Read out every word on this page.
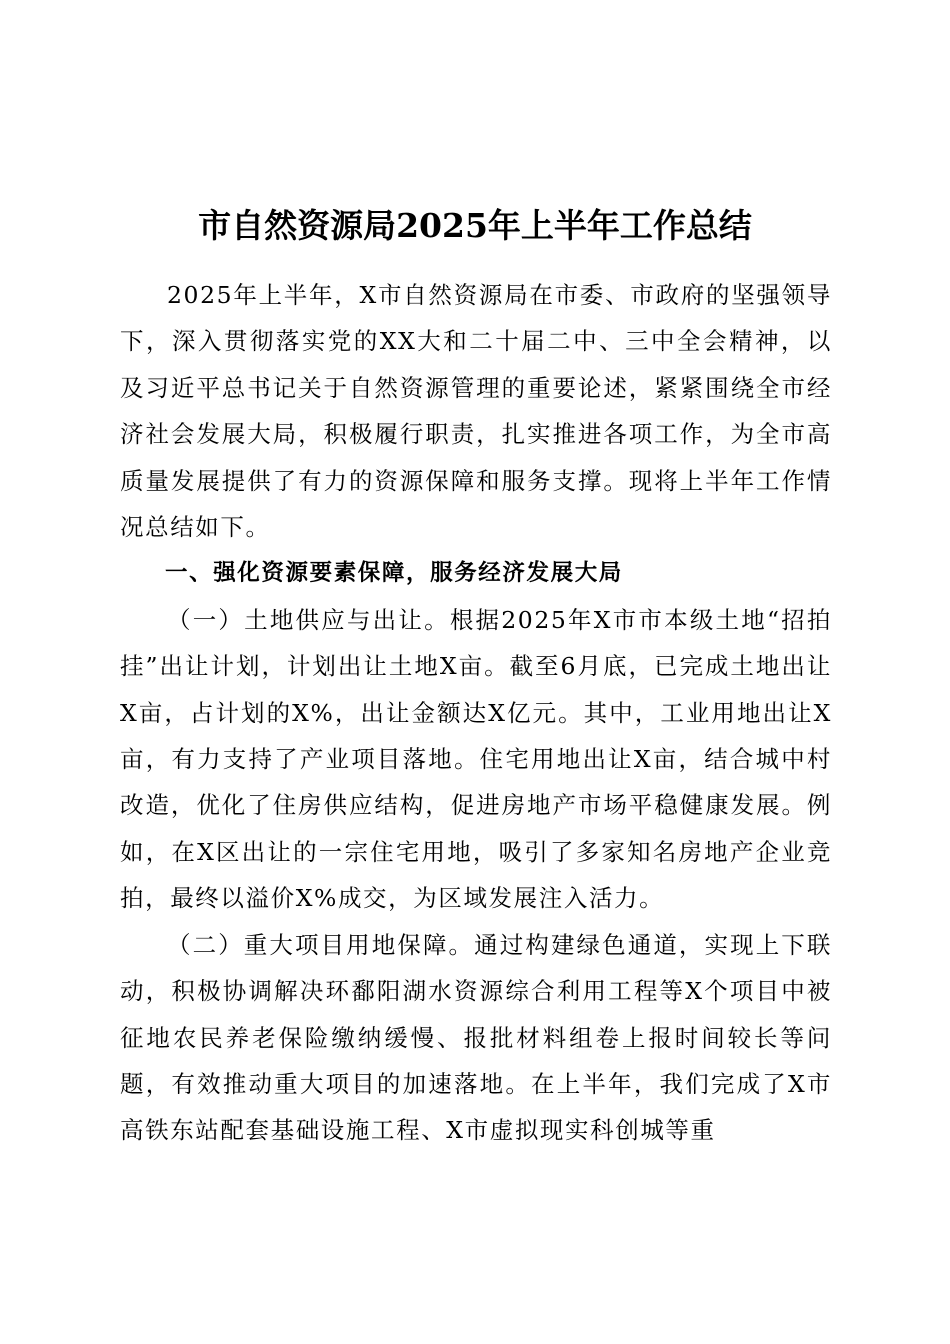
市自然资源局2025年上半年工作总结

2025年上半年，X市自然资源局在市委、市政府的坚强领导下，深入贯彻落实党的XX大和二十届二中、三中全会精神，以及习近平总书记关于自然资源管理的重要论述，紧紧围绕全市经济社会发展大局，积极履行职责，扎实推进各项工作，为全市高质量发展提供了有力的资源保障和服务支撑。现将上半年工作情况总结如下。

一、强化资源要素保障，服务经济发展大局

（一）土地供应与出让。根据2025年X市市本级土地“招拍挂”出让计划，计划出让土地X亩。截至6月底，已完成土地出让X亩，占计划的X%，出让金额达X亿元。其中，工业用地出让X亩，有力支持了产业项目落地。住宅用地出让X亩，结合城中村改造，优化了住房供应结构，促进房地产市场平稳健康发展。例如，在X区出让的一宗住宅用地，吸引了多家知名房地产企业竞拍，最终以溢价X%成交，为区域发展注入活力。

（二）重大项目用地保障。通过构建绿色通道，实现上下联动，积极协调解决环鄱阳湖水资源综合利用工程等X个项目中被征地农民养老保险缴纳缓慢、报批材料组卷上报时间较长等问题，有效推动重大项目的加速落地。在上半年，我们完成了X市高铁东站配套基础设施工程、X市虚拟现实科创城等重
